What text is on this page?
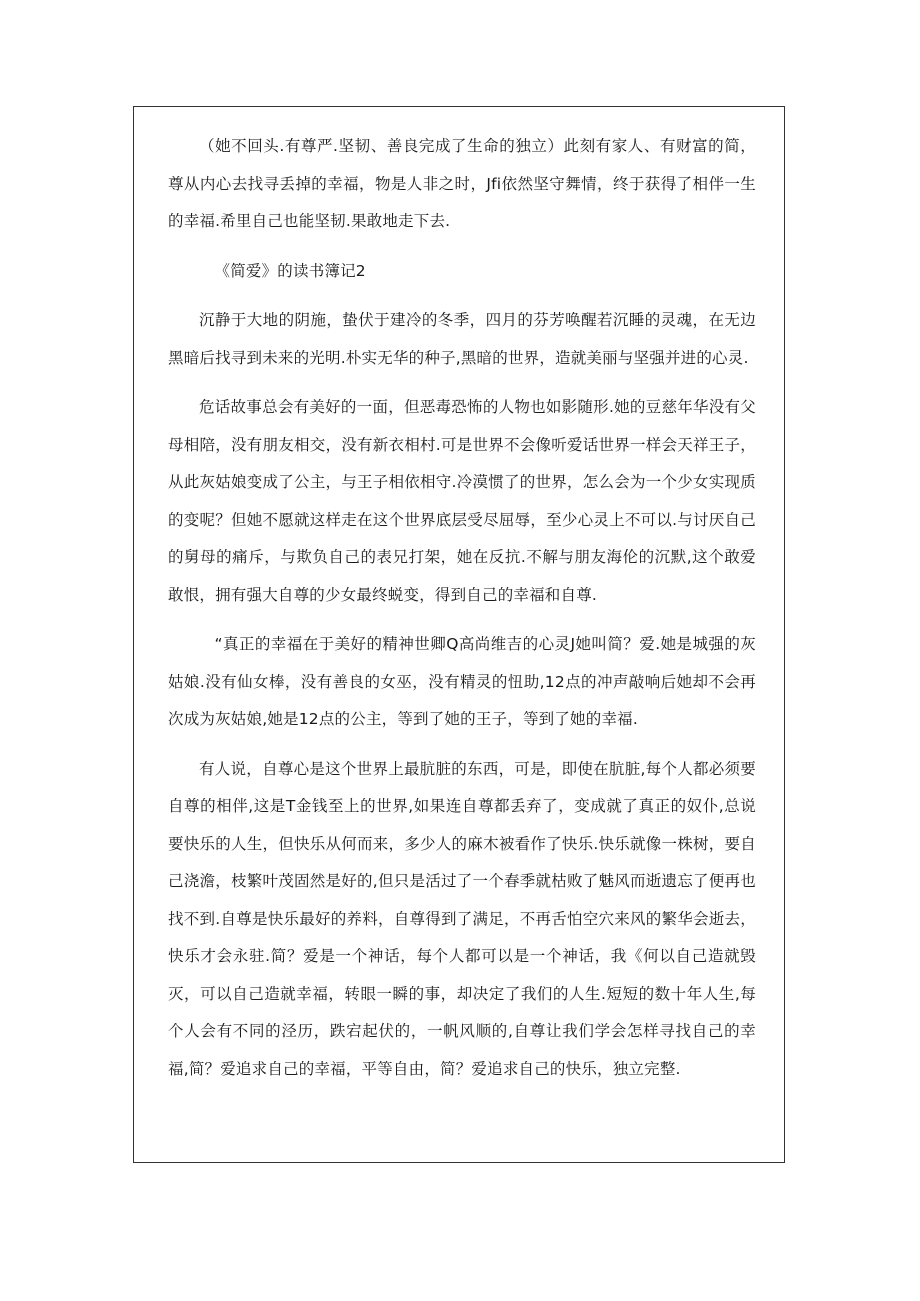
（她不回头.有尊严.坚韧、善良完成了生命的独立）此刻有家人、有财富的简，尊从内心去找寻丢掉的幸福，物是人非之时，Jfi依然坚守舞情，终于获得了相伴一生的幸福.希里自己也能坚韧.果敢地走下去.

《简爱》的读书簿记2

沉静于大地的阴施，蛰伏于建冷的冬季，四月的芬芳唤醒若沉睡的灵魂，在无边黑暗后找寻到未来的光明.朴实无华的种子,黑暗的世界，造就美丽与坚强并进的心灵.

危话故事总会有美好的一面，但恶毒恐怖的人物也如影随形.她的豆慈年华没有父母相陪，没有朋友相交，没有新衣相村.可是世界不会像听爱话世界一样会天祥王子，从此灰姑娘变成了公主，与王子相依相守.冷漠惯了的世界，怎么会为一个少女实现质的变呢？但她不愿就这样走在这个世界底层受尽屈辱，至少心灵上不可以.与讨厌自己的舅母的痛斥，与欺负自己的表兄打架，她在反抗.不解与朋友海伦的沉默,这个敢爱敢恨，拥有强大自尊的少女最终蜕变，得到自己的幸福和自尊.

“真正的幸福在于美好的精神世卿Q高尚维吉的心灵J她叫简？爱.她是城强的灰姑娘.没有仙女棒，没有善良的女巫，没有精灵的忸助,12点的冲声敲响后她却不会再次成为灰姑娘,她是12点的公主，等到了她的王子，等到了她的幸福.

有人说，自尊心是这个世界上最肮脏的东西，可是，即使在肮脏,每个人都必须要自尊的相伴,这是T金钱至上的世界,如果连自尊都丢弃了，变成就了真正的奴仆,总说要快乐的人生，但快乐从何而来，多少人的麻木被看作了快乐.快乐就像一株树，要自己浇澹，枝繁叶茂固然是好的,但只是活过了一个春季就枯败了魅风而逝遗忘了便再也找不到.自尊是快乐最好的养料，自尊得到了满足，不再舌怕空穴来风的繁华会逝去，快乐才会永驻.简？爱是一个神话，每个人都可以是一个神话，我《何以自己造就毁灭，可以自己造就幸福，转眼一瞬的事，却决定了我们的人生.短短的数十年人生,每个人会有不同的泾历，跌宕起伏的，一帆风顺的,自尊让我们学会怎样寻找自己的幸福,简？爱追求自己的幸福，平等自由，简？爱追求自己的快乐，独立完整.
